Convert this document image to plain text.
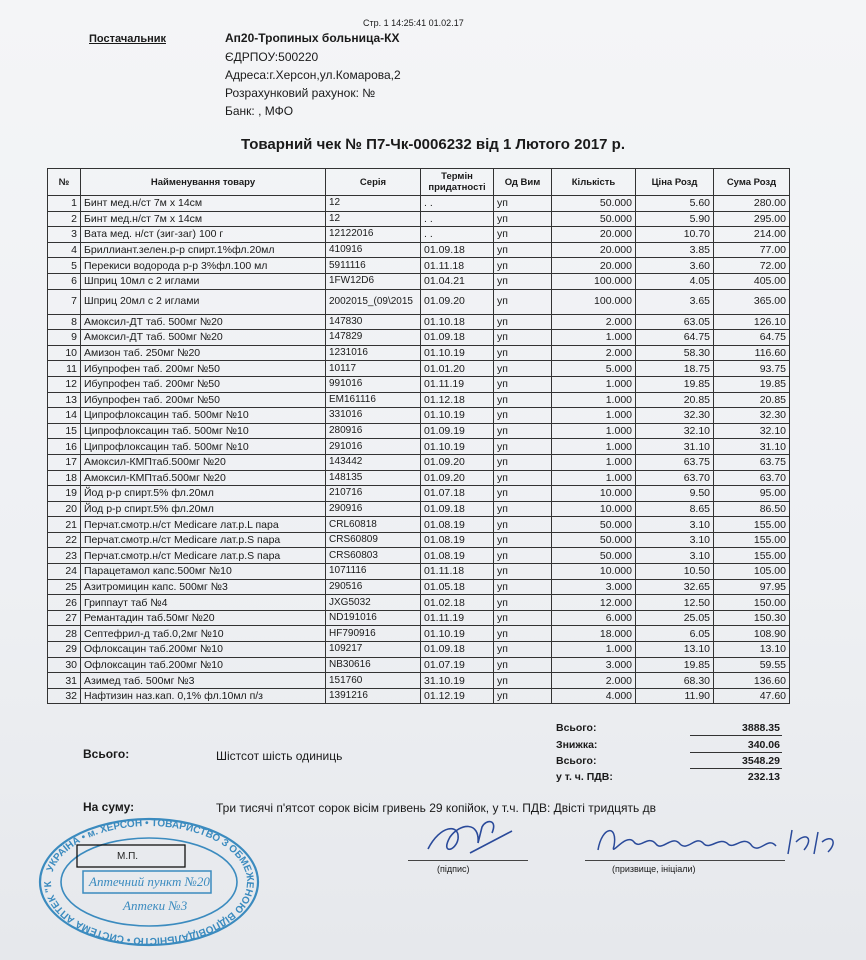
Стр. 1 14:25:41 01.02.17
Постачальник	Ап20-Тропиных больница-КХ
ЄДРПОУ:500220
Адреса:г.Херсон,ул.Комарова,2
Розрахунковий рахунок: №
Банк: , МФО
Товарний чек № П7-Чк-0006232 від 1 Лютого 2017 р.
№	Найменування товару	Серія	Термін придатності	Од Вим	Кількість	Ціна Розд	Сума Розд
1	Бинт мед.н/ст 7м х 14см	12	. .	уп	50.000	5.60	280.00
2	Бинт мед.н/ст 7м х 14см	12	. .	уп	50.000	5.90	295.00
3	Вата мед. н/ст (зиг-заг) 100 г	12122016	. .	уп	20.000	10.70	214.00
4	Бриллиант.зелен.р-р спирт.1%фл.20мл	410916	01.09.18	уп	20.000	3.85	77.00
5	Перекиси водорода р-р 3%фл.100 мл	5911116	01.11.18	уп	20.000	3.60	72.00
6	Шприц 10мл с 2 иглами	1FW12D6	01.04.21	уп	100.000	4.05	405.00
7	Шприц 20мл с 2 иглами	2002015_(09\2015	01.09.20	уп	100.000	3.65	365.00
8	Амоксил-ДТ таб. 500мг №20	147830	01.10.18	уп	2.000	63.05	126.10
9	Амоксил-ДТ таб. 500мг №20	147829	01.09.18	уп	1.000	64.75	64.75
10	Амизон таб. 250мг №20	1231016	01.10.19	уп	2.000	58.30	116.60
11	Ибупрофен таб. 200мг №50	10117	01.01.20	уп	5.000	18.75	93.75
12	Ибупрофен таб. 200мг №50	991016	01.11.19	уп	1.000	19.85	19.85
13	Ибупрофен таб. 200мг №50	EM161116	01.12.18	уп	1.000	20.85	20.85
14	Ципрофлоксацин таб. 500мг №10	331016	01.10.19	уп	1.000	32.30	32.30
15	Ципрофлоксацин таб. 500мг №10	280916	01.09.19	уп	1.000	32.10	32.10
16	Ципрофлоксацин таб. 500мг №10	291016	01.10.19	уп	1.000	31.10	31.10
17	Амоксил-КМПтаб.500мг №20	143442	01.09.20	уп	1.000	63.75	63.75
18	Амоксил-КМПтаб.500мг №20	148135	01.09.20	уп	1.000	63.70	63.70
19	Йод р-р спирт.5% фл.20мл	210716	01.07.18	уп	10.000	9.50	95.00
20	Йод р-р спирт.5% фл.20мл	290916	01.09.18	уп	10.000	8.65	86.50
21	Перчат.смотр.н/ст Medicare лат.р.L пара	CRL60818	01.08.19	уп	50.000	3.10	155.00
22	Перчат.смотр.н/ст Medicare лат.р.S пара	CRS60809	01.08.19	уп	50.000	3.10	155.00
23	Перчат.смотр.н/ст Medicare лат.р.S пара	CRS60803	01.08.19	уп	50.000	3.10	155.00
24	Парацетамол капс.500мг №10	1071116	01.11.18	уп	10.000	10.50	105.00
25	Азитромицин капс. 500мг №3	290516	01.05.18	уп	3.000	32.65	97.95
26	Гриппаут таб №4	JXG5032	01.02.18	уп	12.000	12.50	150.00
27	Ремантадин таб.50мг №20	ND191016	01.11.19	уп	6.000	25.05	150.30
28	Септефрил-д таб.0,2мг №10	HF790916	01.10.19	уп	18.000	6.05	108.90
29	Офлоксацин таб.200мг №10	109217	01.09.18	уп	1.000	13.10	13.10
30	Офлоксацин таб.200мг №10	NB30616	01.07.19	уп	3.000	19.85	59.55
31	Азимед таб. 500мг №3	151760	31.10.19	уп	2.000	68.30	136.60
32	Нафтизин наз.кап. 0,1% фл.10мл п/з	1391216	01.12.19	уп	4.000	11.90	47.60
Всього:	3888.35
Знижка:	340.06
Всього:	3548.29
у т. ч. ПДВ:	232.13
Всього:	Шістсот шість одиниць
На суму:	Три тисячі п'ятсот сорок вісім гривень 29 копійок, у т.ч. ПДВ: Двісті тридцять дв
(підпис)	(призвище, ініціали)
УКРАЇНА • м. ХЕРСОН • ТОВАРИСТВО З ОБМЕЖЕНОЮ ВІДПОВІДАЛЬНІСТЮ • СИСТЕМА АПТЕК "К
М.П.
Аптечний пункт №20
Аптеки №3
